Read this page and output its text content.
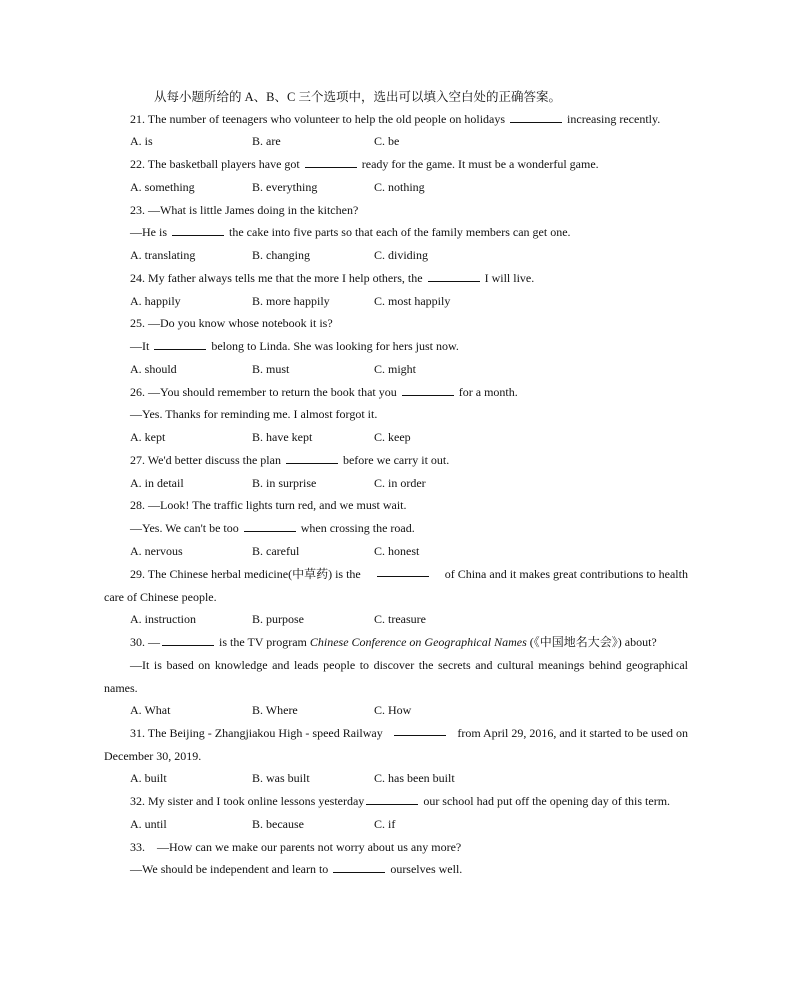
从每小题所给的 A、B、C 三个选项中，选出可以填入空白处的正确答案。
21. The number of teenagers who volunteer to help the old people on holidays	increasing recently.
A. is	B. are	C. be
22. The basketball players have got	ready for the game. It must be a wonderful game.
A. something	B. everything	C. nothing
23. —What is little James doing in the kitchen?
—He is	the cake into five parts so that each of the family members can get one.
A. translating	B. changing	C. dividing
24. My father always tells me that the more I help others, the	I will live.
A. happily	B. more happily	C. most happily
25. —Do you know whose notebook it is?
—It	belong to Linda. She was looking for hers just now.
A. should	B. must	C. might
26. —You should remember to return the book that you	for a month.
—Yes. Thanks for reminding me. I almost forgot it.
A. kept	B. have kept	C. keep
27. We'd better discuss the plan	before we carry it out.
A. in detail	B. in surprise	C. in order
28. —Look! The traffic lights turn red, and we must wait.
—Yes. We can't be too	when crossing the road.
A. nervous	B. careful	C. honest
29. The Chinese herbal medicine(中草药) is the	of China and it makes great contributions to health
care of Chinese people.
A. instruction	B. purpose	C. treasure
30. —	is the TV program Chinese Conference on Geographical Names (《中国地名大会》) about?
—It is based on knowledge and leads people to discover the secrets and cultural meanings behind geographical
names.
A. What	B. Where	C. How
31. The Beijing - Zhangjiakou High - speed Railway	from April 29, 2016, and it started to be used on
December 30, 2019.
A. built	B. was built	C. has been built
32. My sister and I took online lessons yesterday	our school had put off the opening day of this term.
A. until	B. because	C. if
33. —How can we make our parents not worry about us any more?
—We should be independent and learn to	ourselves well.
